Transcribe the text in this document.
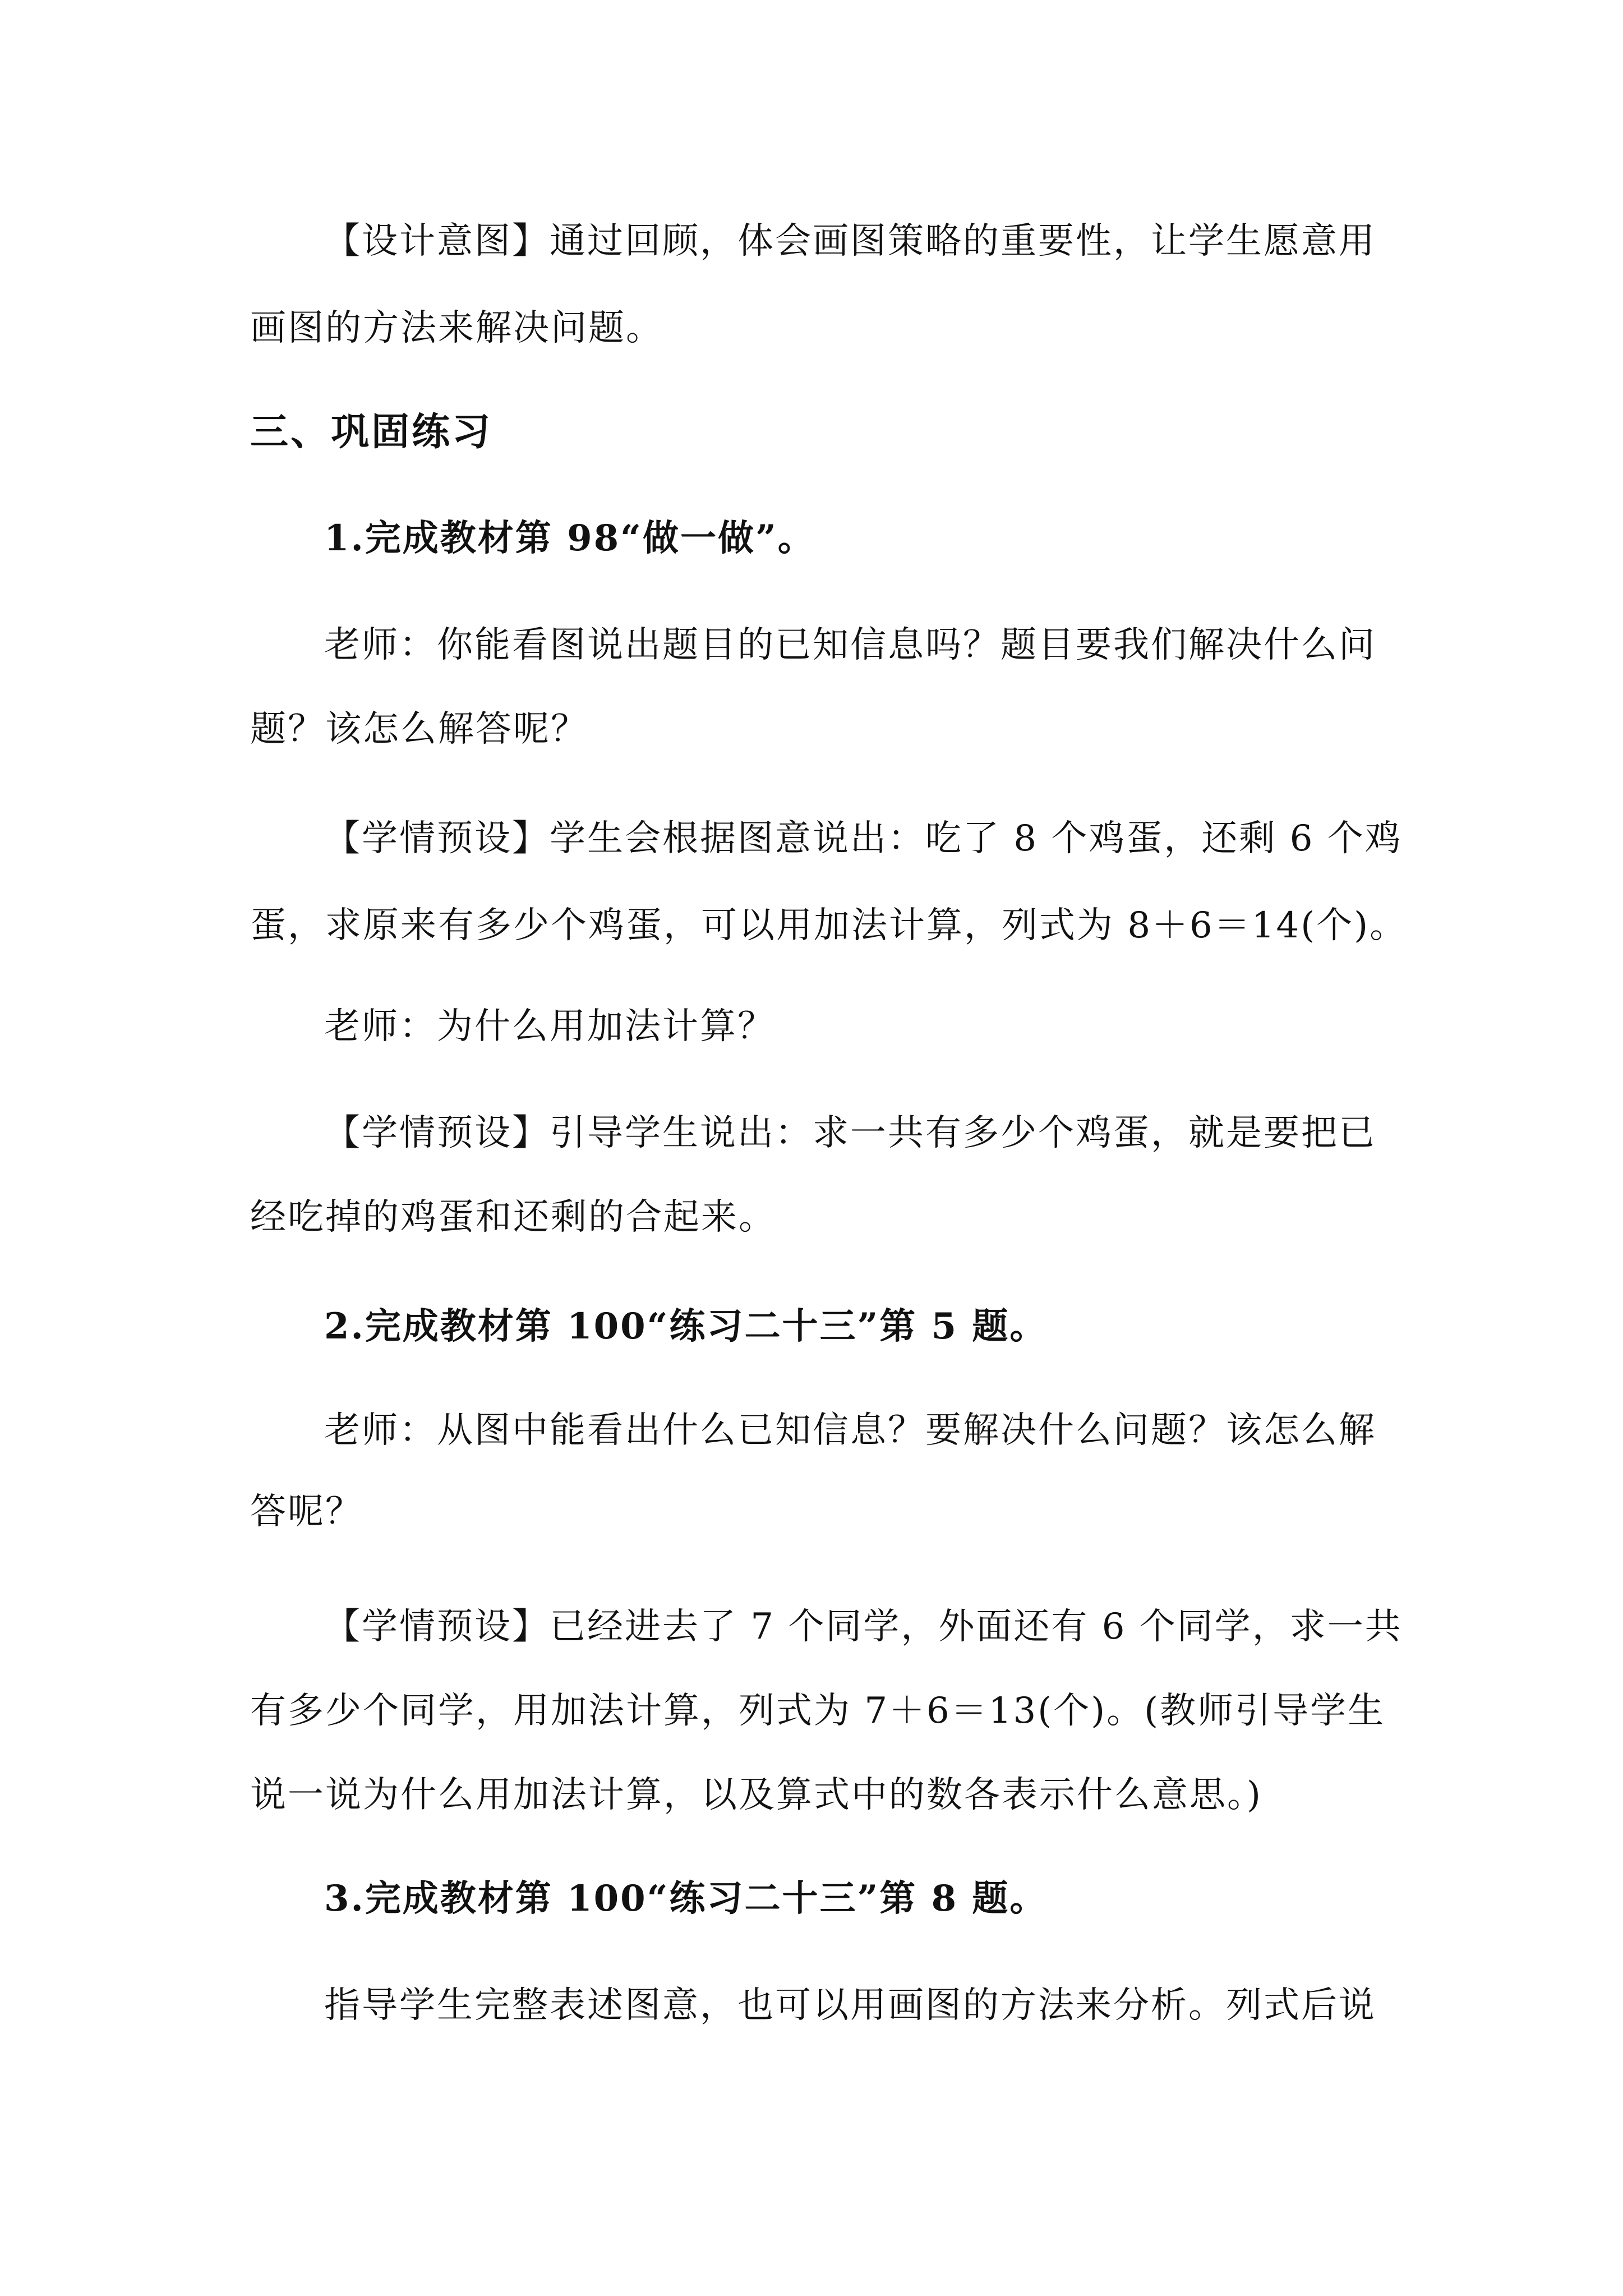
【设计意图】通过回顾，体会画图策略的重要性，让学生愿意用
画图的方法来解决问题。
三、巩固练习
1.完成教材第 98“做一做”。
老师：你能看图说出题目的已知信息吗？题目要我们解决什么问
题？该怎么解答呢？
【学情预设】学生会根据图意说出：吃了 8 个鸡蛋，还剩 6 个鸡
蛋，求原来有多少个鸡蛋，可以用加法计算，列式为 8＋6＝14(个)。
老师：为什么用加法计算？
【学情预设】引导学生说出：求一共有多少个鸡蛋，就是要把已
经吃掉的鸡蛋和还剩的合起来。
2.完成教材第 100“练习二十三”第 5 题。
老师：从图中能看出什么已知信息？要解决什么问题？该怎么解
答呢？
【学情预设】已经进去了 7 个同学，外面还有 6 个同学，求一共
有多少个同学，用加法计算，列式为 7＋6＝13(个)。(教师引导学生
说一说为什么用加法计算，以及算式中的数各表示什么意思。)
3.完成教材第 100“练习二十三”第 8 题。
指导学生完整表述图意，也可以用画图的方法来分析。列式后说
